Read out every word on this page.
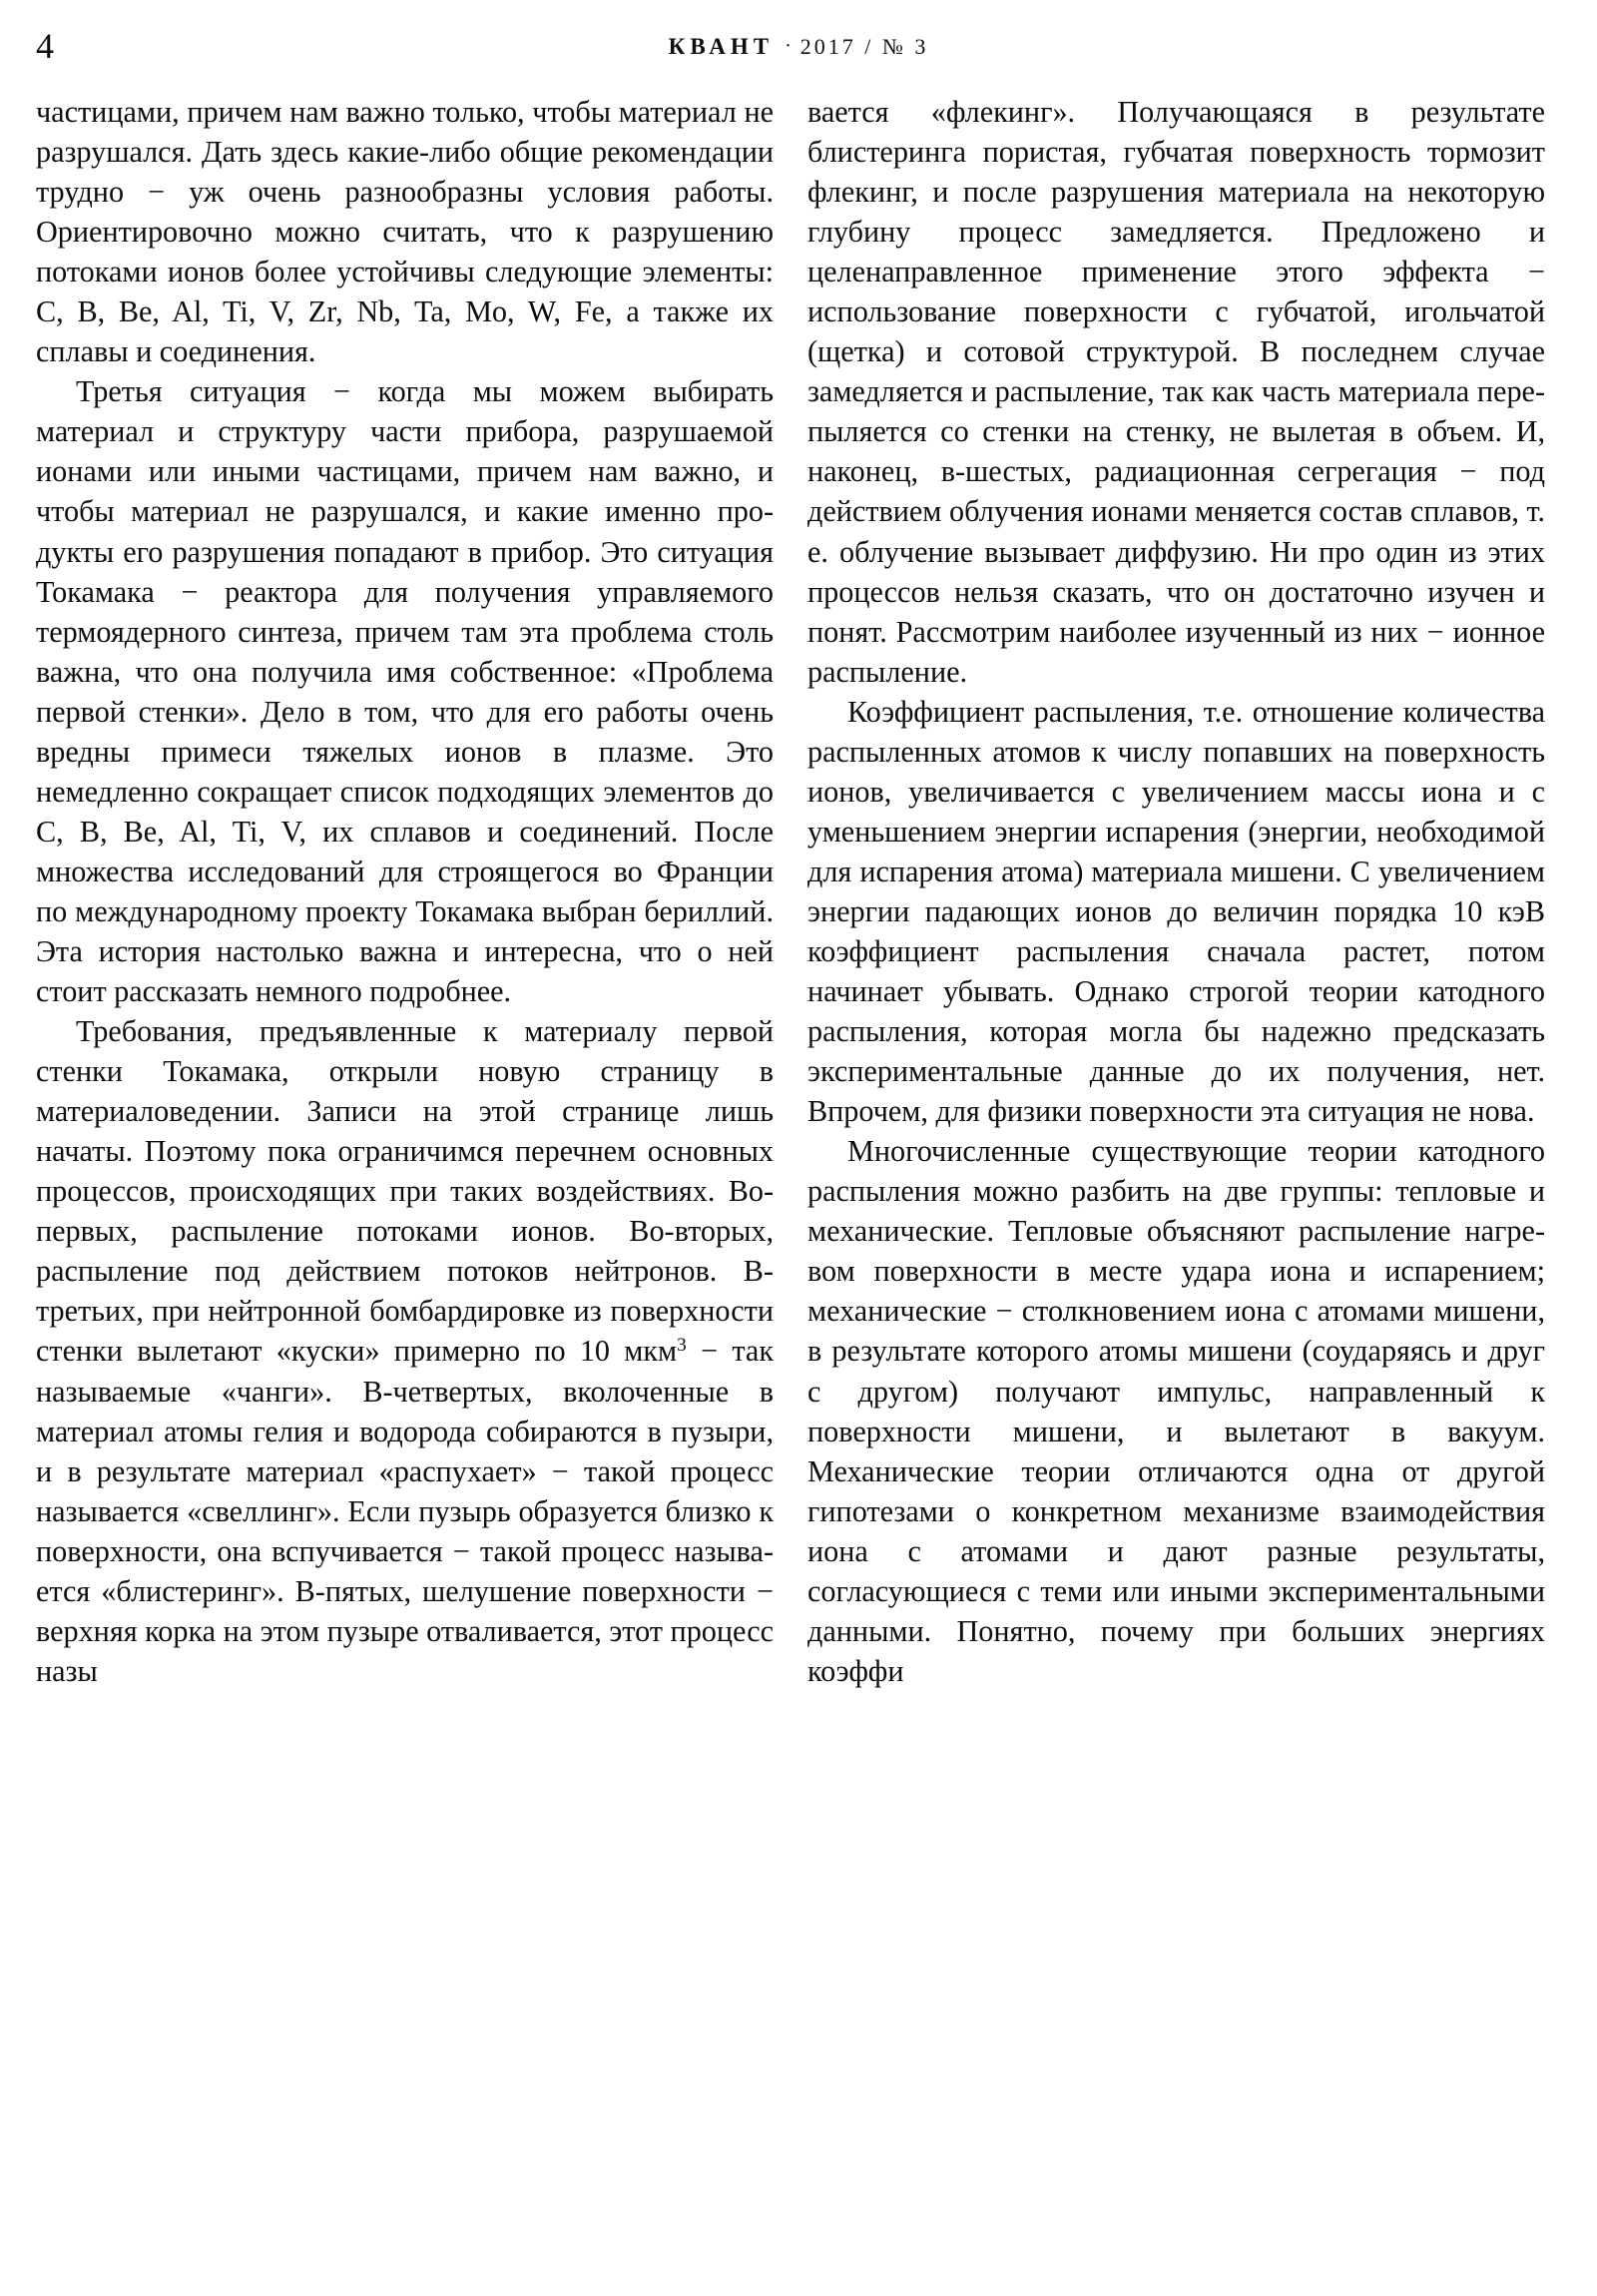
4	КВАНТ · 2017 / № 3

частицами, причем нам важно только, чтобы материал не разрушался. Дать здесь какие-либо общие рекомендации трудно − уж очень разнообразны условия работы. Ориентировочно можно считать, что к разрушению потоками ионов более устойчивы следующие элементы: C, B, Be, Al, Ti, V, Zr, Nb, Ta, Mo, W, Fe, а также их сплавы и соединения.

Третья ситуация − когда мы можем выбирать материал и структуру части прибора, разрушаемой ионами или иными частицами, причем нам важно, и чтобы материал не разрушался, и какие именно продукты его разрушения попадают в прибор. Это ситуация Токамака − реактора для получения управляемого термоядерного синтеза, причем там эта проблема столь важна, что она получила имя собственное: «Проблема первой стенки». Дело в том, что для его работы очень вредны примеси тяжелых ионов в плазме. Это немедленно сокращает список подходящих элементов до C, B, Be, Al, Ti, V, их сплавов и соединений. После множества исследований для строящегося во Франции по международному проекту Токамака выбран бериллий. Эта история настолько важна и интересна, что о ней стоит рассказать немного подробнее.

Требования, предъявленные к материалу первой стенки Токамака, открыли новую страницу в материаловедении. Записи на этой странице лишь начаты. Поэтому пока ограничимся перечнем основных процессов, происходящих при таких воздействиях. Во-первых, распыление потоками ионов. Во-вторых, распыление под действием потоков нейтронов. В-третьих, при нейтронной бомбардировке из поверхности стенки вылетают «куски» примерно по 10 мкм$^3$ − так называемые «чанги». В-четвертых, вколоченные в материал атомы гелия и водорода собираются в пузыри, и в результате материал «распухает» − такой процесс называется «свеллинг». Если пузырь образуется близко к поверхности, она вспучивается − такой процесс называется «блистеринг». В-пятых, шелушение поверхности − верхняя корка на этом пузыре отваливается, этот процесс назы

вается «флекинг». Получающаяся в результате блистеринга пористая, губчатая поверхность тормозит флекинг, и после разрушения материала на некоторую глубину процесс замедляется. Предложено и целенаправленное применение этого эффекта − использование поверхности с губчатой, игольчатой (щетка) и сотовой структурой. В последнем случае замедляется и распыление, так как часть материала перепыляется со стенки на стенку, не вылетая в объем. И, наконец, в-шестых, радиационная сегрегация − под действием облучения ионами меняется состав сплавов, т. е. облучение вызывает диффузию. Ни про один из этих процессов нельзя сказать, что он достаточно изучен и понят. Рассмотрим наиболее изученный из них − ионное распыление.

Коэффициент распыления, т.е. отношение количества распыленных атомов к числу попавших на поверхность ионов, увеличивается с увеличением массы иона и с уменьшением энергии испарения (энергии, необходимой для испарения атома) материала мишени. С увеличением энергии падающих ионов до величин порядка 10 кэВ коэффициент распыления сначала растет, потом начинает убывать. Однако строгой теории катодного распыления, которая могла бы надежно предсказать экспериментальные данные до их получения, нет. Впрочем, для физики поверхности эта ситуация не нова.

Многочисленные существующие теории катодного распыления можно разбить на две группы: тепловые и механические. Тепловые объясняют распыление нагревом поверхности в месте удара иона и испарением; механические − столкновением иона с атомами мишени, в результате которого атомы мишени (соударяясь и друг с другом) получают импульс, направленный к поверхности мишени, и вылетают в вакуум. Механические теории отличаются одна от другой гипотезами о конкретном механизме взаимодействия иона с атомами и дают разные результаты, согласующиеся с теми или иными экспериментальными данными. Понятно, почему при больших энергиях коэффи
